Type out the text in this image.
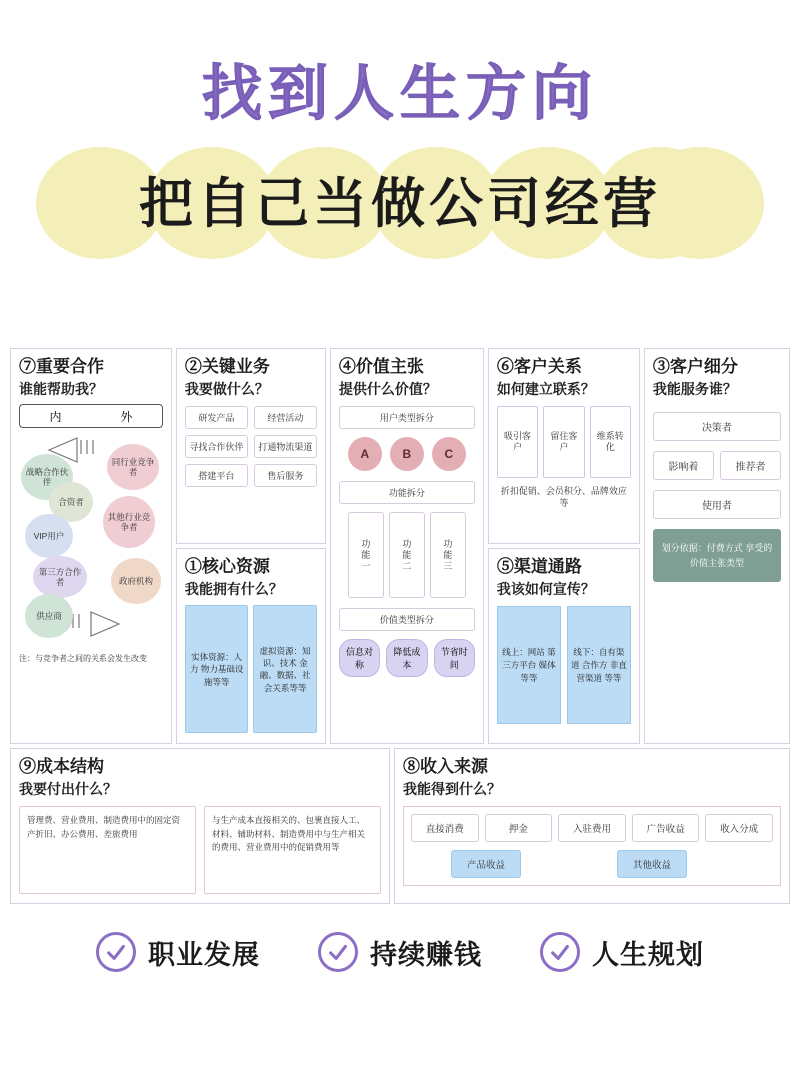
找到人生方向
把自己当做公司经营
⑦重要合作
谁能帮助我？
内	外
战略合作伙伴
同行业竞争者
合资者
VIP用户
其他行业竞争者
第三方合作者	政府机构
供应商
注：与竞争者之间的关系会发生改变
②关键业务
我要做什么？
研发产品	经营活动
寻找合作伙伴	打通物流渠道
搭建平台	售后服务
①核心资源
我能拥有什么？
实体资源：人力 物力基础设施等等
虚拟资源：知识、技术 金融、数据、社会关系等等
④价值主张
提供什么价值？
用户类型拆分
A	B	C
功能拆分
功能一	功能二	功能三
价值类型拆分
信息对称
降低成本
节省时间
⑥客户关系
如何建立联系？
吸引客户
留住客户
维系转化
折扣促销、会员积分、品牌效应等
⑤渠道通路
我该如何宣传？
线上：网站 第三方平台 媒体 等等
线下：自有渠道 合作方 非直营渠道 等等
③客户细分
我能服务谁？
决策者
影响着	推荐者
使用者
划分依据：付费方式 享受的价值主张类型
⑨成本结构
我要付出什么？
管理费、营业费用、制造费用中的固定资产折旧、办公费用、差旅费用
与生产成本直接相关的、包裹直接人工、材料、辅助材料、制造费用中与生产相关的费用、营业费用中的促销费用等
⑧收入来源
我能得到什么？
直接消费	押金	入驻费用	广告收益	收入分成
产品收益	其他收益
职业发展	持续赚钱	人生规划
